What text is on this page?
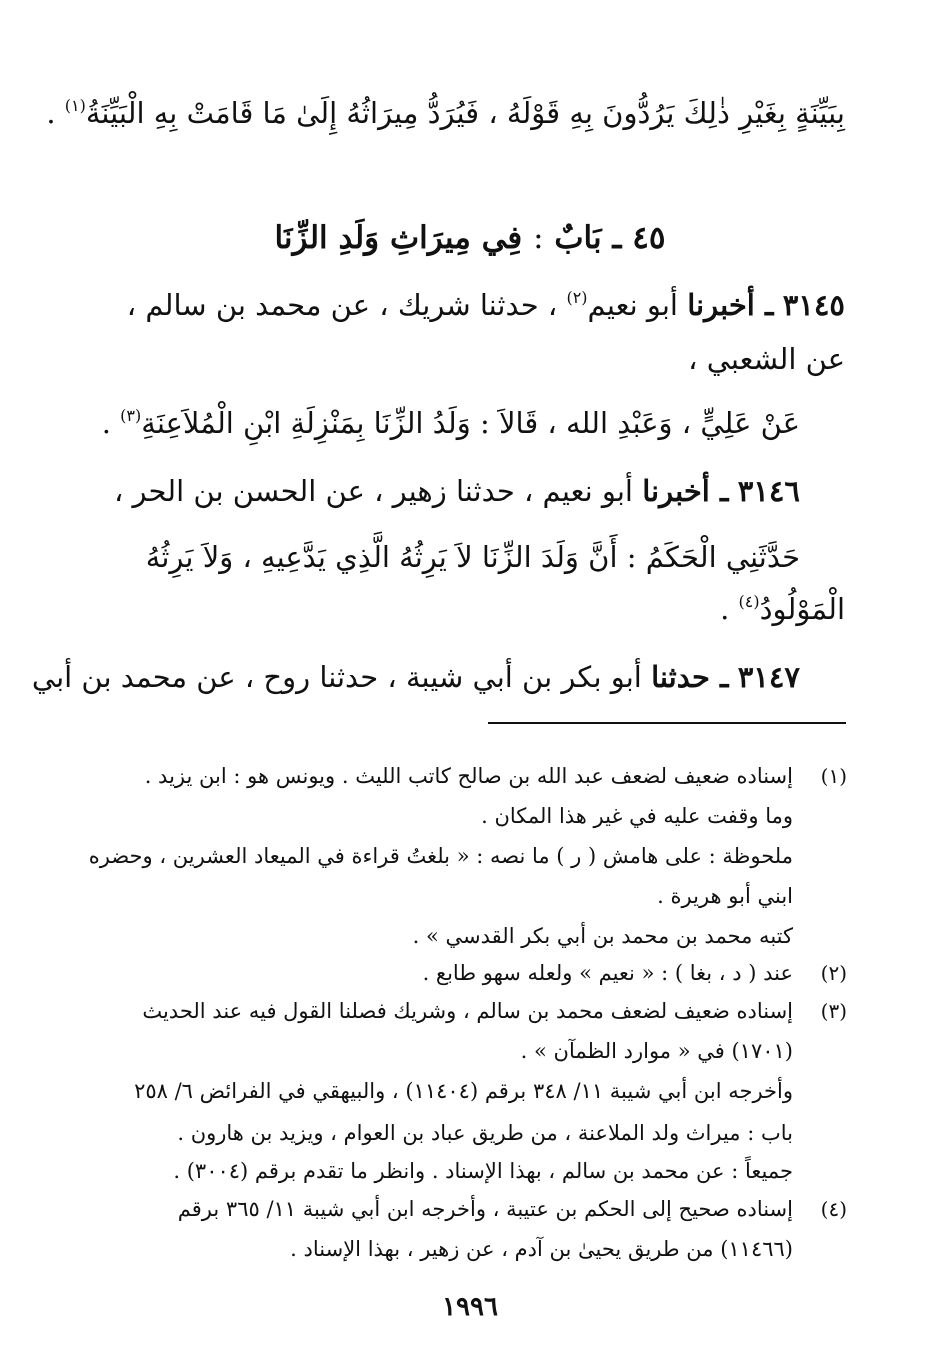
بِبَيِّنَةٍ بِغَيْرِ ذٰلِكَ يَرُدُّونَ بِهِ قَوْلَهُ ، فَيُرَدُّ مِيرَاثُهُ إِلَىٰ مَا قَامَتْ بِهِ الْبَيِّنَةُ$^{(١)}$ .
٤٥ ـ بَابٌ : فِي مِيرَاثِ وَلَدِ الزِّنَا
٣١٤٥ ـ أخبرنا أبو نعيم$^{(٢)}$ ، حدثنا شريك ، عن محمد بن سالم ،
عن الشعبي ،
عَنْ عَلِيٍّ ، وَعَبْدِ الله ، قَالاَ : وَلَدُ الزِّنَا بِمَنْزِلَةِ ابْنِ الْمُلاَعِنَةِ$^{(٣)}$ .
٣١٤٦ ـ أخبرنا أبو نعيم ، حدثنا زهير ، عن الحسن بن الحر ،
حَدَّثَنِي الْحَكَمُ : أَنَّ وَلَدَ الزِّنَا لاَ يَرِثُهُ الَّذِي يَدَّعِيهِ ، وَلاَ يَرِثُهُ
الْمَوْلُودُ$^{(٤)}$ .
٣١٤٧ ـ حدثنا أبو بكر بن أبي شيبة ، حدثنا روح ، عن محمد بن أبي
(١)
إسناده ضعيف لضعف عبد الله بن صالح كاتب الليث . ويونس هو : ابن يزيد .
وما وقفت عليه في غير هذا المكان .
ملحوظة : على هامش ( ر ) ما نصه : « بلغتُ قراءة في الميعاد العشرين ، وحضره
ابني أبو هريرة .
كتبه محمد بن محمد بن أبي بكر القدسي » .
(٢)
عند ( د ، بغا ) : « نعيم » ولعله سهو طابع .
(٣)
إسناده ضعيف لضعف محمد بن سالم ، وشريك فصلنا القول فيه عند الحديث
(١٧٠١) في « موارد الظمآن » .
وأخرجه ابن أبي شيبة ١١/ ٣٤٨ برقم (١١٤٠٤) ، والبيهقي في الفرائض ٦/ ٢٥٨
باب : ميراث ولد الملاعنة ، من طريق عباد بن العوام ، ويزيد بن هارون .
جميعاً : عن محمد بن سالم ، بهذا الإسناد . وانظر ما تقدم برقم (٣٠٠٤) .
(٤)
إسناده صحيح إلى الحكم بن عتيبة ، وأخرجه ابن أبي شيبة ١١/ ٣٦٥ برقم
(١١٤٦٦) من طريق يحيىٰ بن آدم ، عن زهير ، بهذا الإسناد .
١٩٩٦
